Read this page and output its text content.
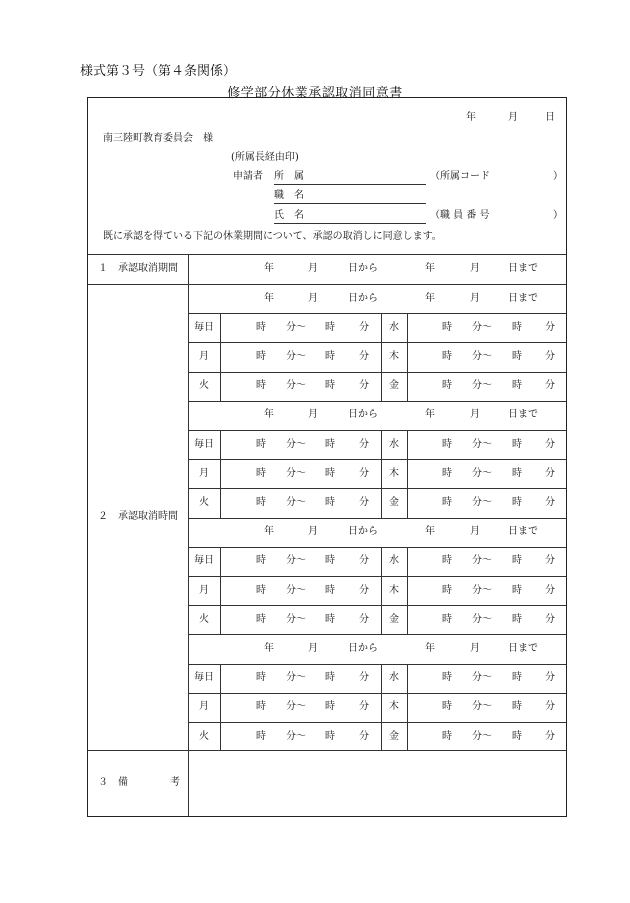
様式第３号（第４条関係）
修学部分休業承認取消同意書
年	月	日
南三陸町教育委員会　様
(所属長経由印)
申請者 所　属	（所属コード	）
職　名
氏　名	（職 員 番 号	）
既に承認を得ている下記の休業期間について、承認の取消しに同意します。
１　承認取消期間	年	月	日から	年	月	日まで
２　承認取消時間
年	月	日から	年	月	日まで
毎日	時 分～ 時 分 水	時 分～ 時 分
月	時 分～ 時 分 木	時 分～ 時 分
火	時 分～ 時 分 金	時 分～ 時 分
年	月	日から	年	月	日まで
毎日	時 分～ 時 分 水	時 分～ 時 分
月	時 分～ 時 分 木	時 分～ 時 分
火	時 分～ 時 分 金	時 分～ 時 分
年	月	日から	年	月	日まで
毎日	時 分～ 時 分 水	時 分～ 時 分
月	時 分～ 時 分 木	時 分～ 時 分
火	時 分～ 時 分 金	時 分～ 時 分
年	月	日から	年	月	日まで
毎日	時 分～ 時 分 水	時 分～ 時 分
月	時 分～ 時 分 木	時 分～ 時 分
火	時 分～ 時 分 金	時 分～ 時 分
３　備	考
